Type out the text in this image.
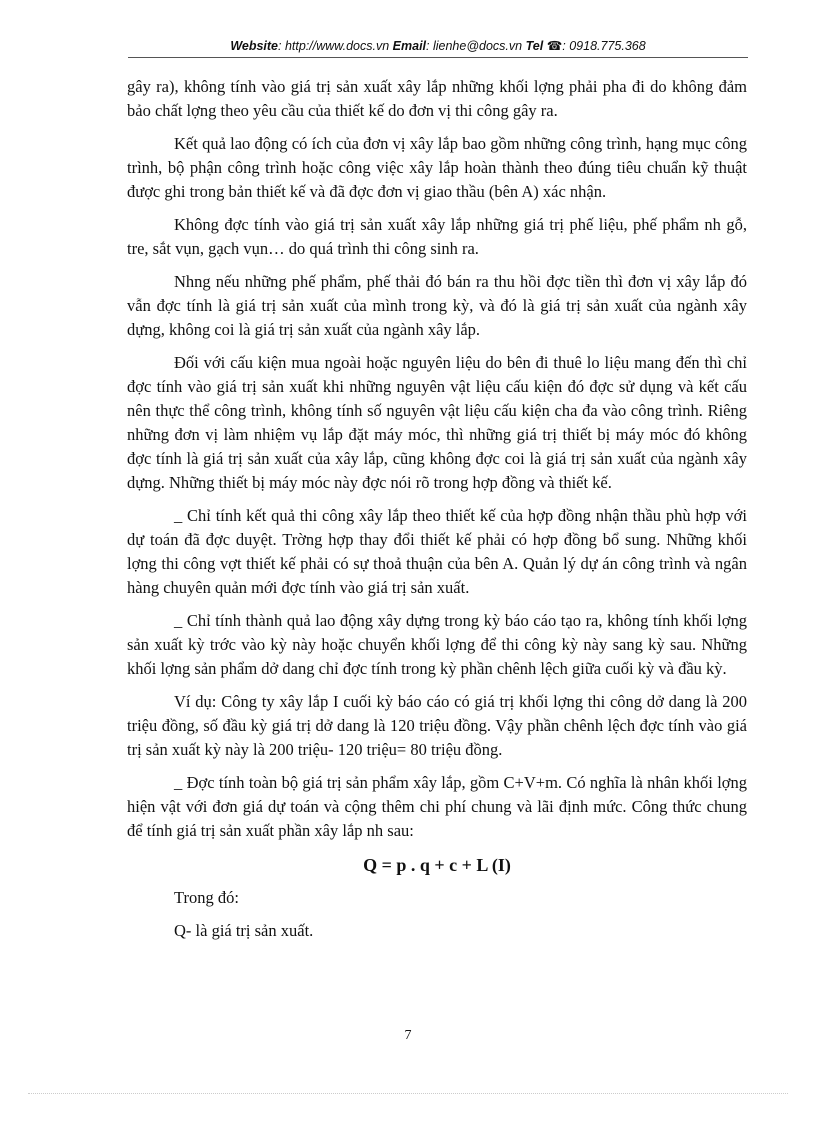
Website: http://www.docs.vn Email: lienhe@docs.vn Tel ☎: 0918.775.368

gây ra), không tính vào giá trị sản xuất xây lắp những khối lợng phải pha đi do không đảm bảo chất lợng theo yêu cầu của thiết kế do đơn vị thi công gây ra.

Kết quả lao động có ích của đơn vị xây lắp bao gồm những công trình, hạng mục công trình, bộ phận công trình hoặc công việc xây lắp hoàn thành theo đúng tiêu chuẩn kỹ thuật được ghi trong bản thiết kế và đã đợc đơn vị giao thầu (bên A) xác nhận.

Không đợc tính vào giá trị sản xuất xây lắp những giá trị phế liệu, phế phẩm nh gỗ, tre, sắt vụn, gạch vụn… do quá trình thi công sinh ra.

Nhng nếu những phế phẩm, phế thải đó bán ra thu hồi đợc tiền thì đơn vị xây lắp đó vẫn đợc tính là giá trị sản xuất của mình trong kỳ, và đó là giá trị sản xuất của ngành xây dựng, không coi là giá trị sản xuất của ngành xây lắp.

Đối với cấu kiện mua ngoài hoặc nguyên liệu do bên đi thuê lo liệu mang đến thì chỉ đợc tính vào giá trị sản xuất khi những nguyên vật liệu cấu kiện đó đợc sử dụng và kết cấu nên thực thể công trình, không tính số nguyên vật liệu cấu kiện cha đa vào công trình. Riêng những đơn vị làm nhiệm vụ lắp đặt máy móc, thì những giá trị thiết bị máy móc đó không đợc tính là giá trị sản xuất của xây lắp, cũng không đợc coi là giá trị sản xuất của ngành xây dựng. Những thiết bị máy móc này đợc nói rõ trong hợp đồng và thiết kế.

_ Chỉ tính kết quả thi công xây lắp theo thiết kế của hợp đồng nhận thầu phù hợp với dự toán đã đợc duyệt. Trờng hợp thay đổi thiết kế phải có hợp đồng bổ sung. Những khối lợng thi công vợt thiết kế phải có sự thoả thuận của bên A. Quản lý dự án công trình và ngân hàng chuyên quản mới đợc tính vào giá trị sản xuất.

_ Chỉ tính thành quả lao động xây dựng trong kỳ báo cáo tạo ra, không tính khối lợng sản xuất kỳ trớc vào kỳ này hoặc chuyển khối lợng để thi công kỳ này sang kỳ sau. Những khối lợng sản phẩm dở dang chỉ đợc tính trong kỳ phần chênh lệch giữa cuối kỳ và đầu kỳ.

Ví dụ: Công ty xây lắp I cuối kỳ báo cáo có giá trị khối lợng thi công dở dang là 200 triệu đồng, số đầu kỳ giá trị dở dang là 120 triệu đồng. Vậy phần chênh lệch đợc tính vào giá trị sản xuất kỳ này là 200 triệu- 120 triệu= 80 triệu đồng.

_ Đợc tính toàn bộ giá trị sản phẩm xây lắp, gồm C+V+m. Có nghĩa là nhân khối lợng hiện vật với đơn giá dự toán và cộng thêm chi phí chung và lãi định mức. Công thức chung để tính giá trị sản xuất phần xây lắp nh sau:

Q = p . q + c + L (I)

Trong đó:

Q- là giá trị sản xuất.

7
